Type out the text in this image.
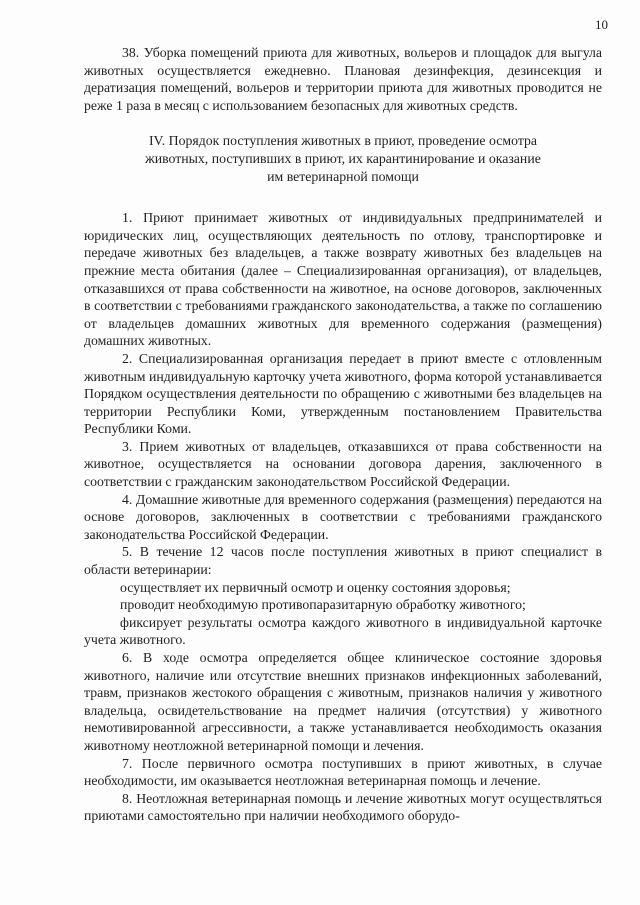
10

38. Уборка помещений приюта для животных, вольеров и площадок для выгула животных осуществляется ежедневно. Плановая дезинфекция, дезинсекция и дератизация помещений, вольеров и территории приюта для животных проводится не реже 1 раза в месяц с использованием безопасных для животных средств.

IV. Порядок поступления животных в приют, проведение осмотра
животных, поступивших в приют, их карантинирование и оказание
им ветеринарной помощи

1. Приют принимает животных от индивидуальных предпринимателей и юридических лиц, осуществляющих деятельность по отлову, транспортировке и передаче животных без владельцев, а также возврату животных без владельцев на прежние места обитания (далее – Специализированная организация), от владельцев, отказавшихся от права собственности на животное, на основе договоров, заключенных в соответствии с требованиями гражданского законодательства, а также по соглашению от владельцев домашних животных для временного содержания (размещения) домашних животных.

2. Специализированная организация передает в приют вместе с отловленным животным индивидуальную карточку учета животного, форма которой устанавливается Порядком осуществления деятельности по обращению с животными без владельцев на территории Республики Коми, утвержденным постановлением Правительства Республики Коми.

3. Прием животных от владельцев, отказавшихся от права собственности на животное, осуществляется на основании договора дарения, заключенного в соответствии с гражданским законодательством Российской Федерации.

4. Домашние животные для временного содержания (размещения) передаются на основе договоров, заключенных в соответствии с требованиями гражданского законодательства Российской Федерации.

5. В течение 12 часов после поступления животных в приют специалист в области ветеринарии:

осуществляет их первичный осмотр и оценку состояния здоровья;

проводит необходимую противопаразитарную обработку животного;

фиксирует результаты осмотра каждого животного в индивидуальной карточке учета животного.

6. В ходе осмотра определяется общее клиническое состояние здоровья животного, наличие или отсутствие внешних признаков инфекционных заболеваний, травм, признаков жестокого обращения с животным, признаков наличия у животного владельца, освидетельствование на предмет наличия (отсутствия) у животного немотивированной агрессивности, а также устанавливается необходимость оказания животному неотложной ветеринарной помощи и лечения.

7. После первичного осмотра поступивших в приют животных, в случае необходимости, им оказывается неотложная ветеринарная помощь и лечение.

8. Неотложная ветеринарная помощь и лечение животных могут осуществляться приютами самостоятельно при наличии необходимого оборудо-
